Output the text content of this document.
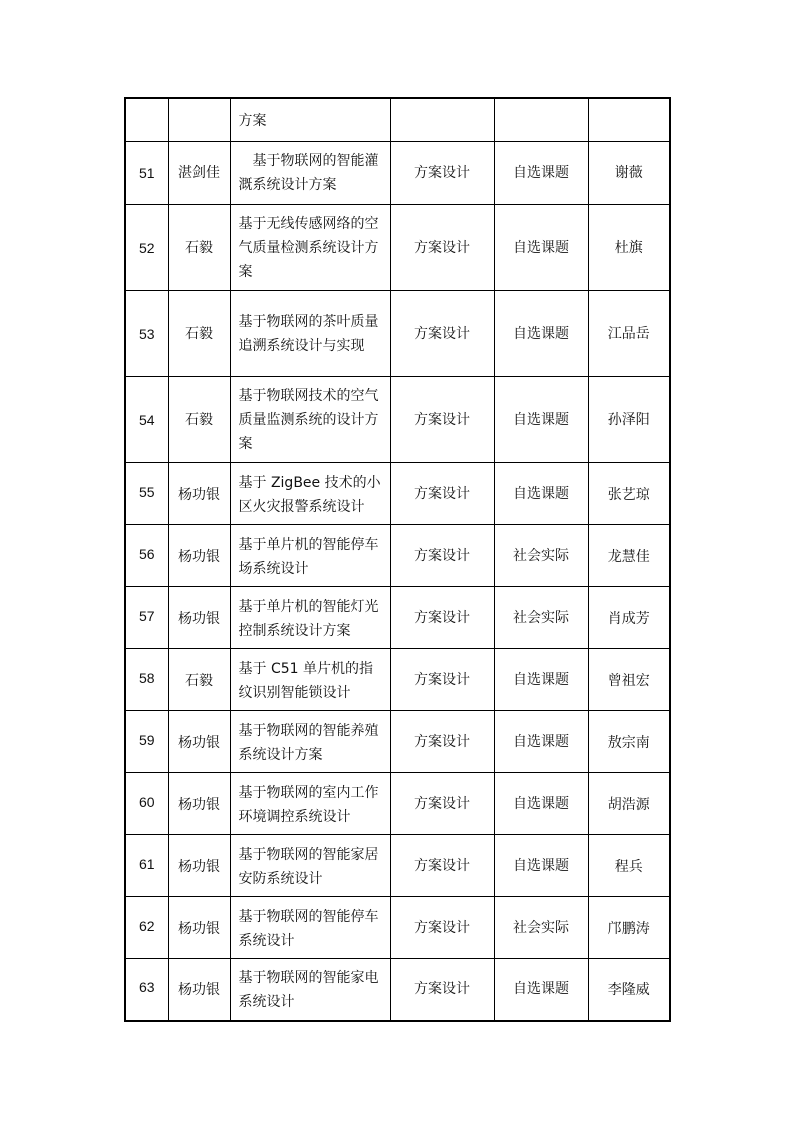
		方案			
51	湛剑佳	　基于物联网的智能灌溉系统设计方案	方案设计	自选课题	谢薇
52	石毅	基于无线传感网络的空气质量检测系统设计方案	方案设计	自选课题	杜旗
53	石毅	基于物联网的茶叶质量追溯系统设计与实现	方案设计	自选课题	江品岳
54	石毅	基于物联网技术的空气质量监测系统的设计方案	方案设计	自选课题	孙泽阳
55	杨功银	基于 ZigBee 技术的小区火灾报警系统设计	方案设计	自选课题	张艺琼
56	杨功银	基于单片机的智能停车场系统设计	方案设计	社会实际	龙慧佳
57	杨功银	基于单片机的智能灯光控制系统设计方案	方案设计	社会实际	肖成芳
58	石毅	基于 C51 单片机的指纹识别智能锁设计	方案设计	自选课题	曾祖宏
59	杨功银	基于物联网的智能养殖系统设计方案	方案设计	自选课题	敖宗南
60	杨功银	基于物联网的室内工作环境调控系统设计	方案设计	自选课题	胡浩源
61	杨功银	基于物联网的智能家居安防系统设计	方案设计	自选课题	程兵
62	杨功银	基于物联网的智能停车系统设计	方案设计	社会实际	邝鹏涛
63	杨功银	基于物联网的智能家电系统设计	方案设计	自选课题	李隆威
